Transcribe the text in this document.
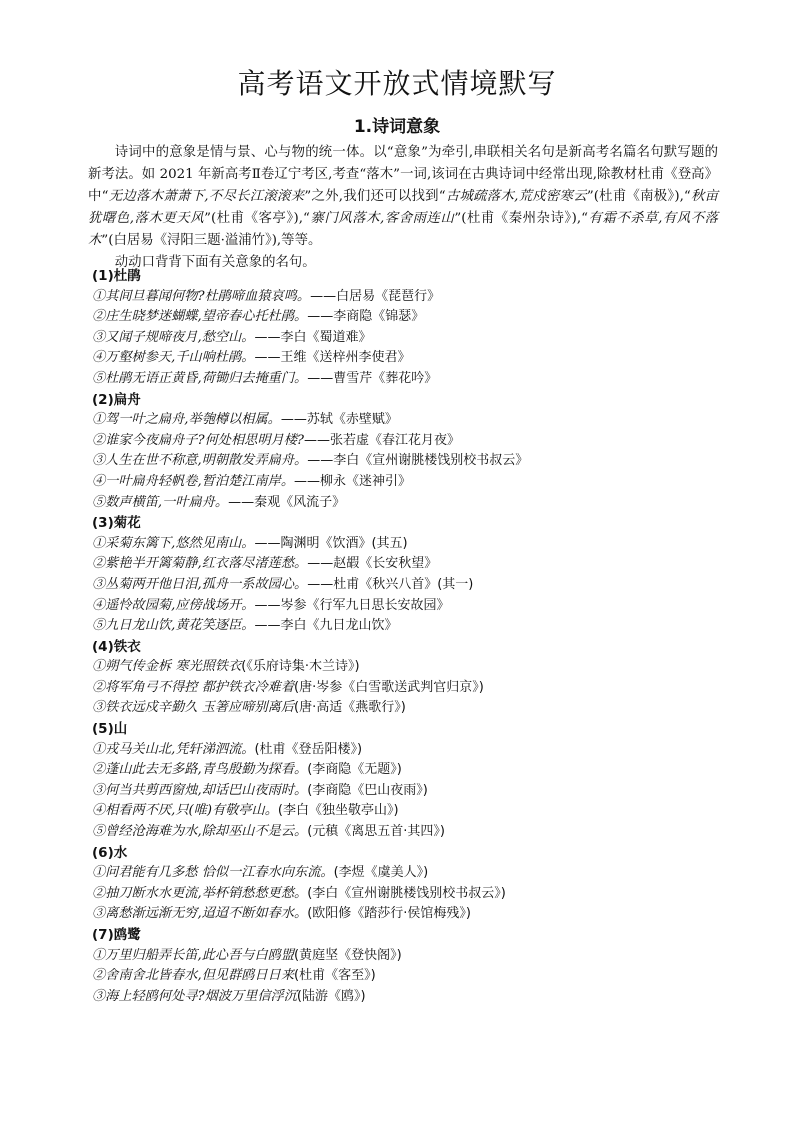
高考语文开放式情境默写
1.诗词意象

诗词中的意象是情与景、心与物的统一体。以“意象”为牵引,串联相关名句是新高考名篇名句默写题的新考法。如 2021 年新高考Ⅱ卷辽宁考区,考查“落木”一词,该词在古典诗词中经常出现,除教材杜甫《登高》中“无边落木萧萧下,不尽长江滚滚来”之外,我们还可以找到“古城疏落木,荒戍密寒云”(杜甫《南极》),“秋亩犹曙色,落木更天风”(杜甫《客亭》),“寨门风落木,客舍雨连山”(杜甫《秦州杂诗》),“有霜不杀草,有风不落木”(白居易《浔阳三题·溢浦竹》),等等。

动动口背背下面有关意象的名句。

(1)杜鹃
①其间旦暮闻何物?杜鹃啼血猿哀鸣。——白居易《琵琶行》
②庄生晓梦迷蝴蝶,望帝春心托杜鹃。——李商隐《锦瑟》
③又闻子规啼夜月,愁空山。——李白《蜀道难》
④万壑树参天,千山响杜鹃。——王维《送梓州李使君》
⑤杜鹃无语正黄昏,荷锄归去掩重门。——曹雪芹《葬花吟》
(2)扁舟
①驾一叶之扁舟,举匏樽以相属。——苏轼《赤壁赋》
②谁家今夜扁舟子?何处相思明月楼?——张若虚《春江花月夜》
③人生在世不称意,明朝散发弄扁舟。——李白《宣州谢朓楼饯别校书叔云》
④一叶扁舟轻帆卷,暂泊楚江南岸。——柳永《迷神引》
⑤数声横笛,一叶扁舟。——秦观《风流子》
(3)菊花
①采菊东篱下,悠然见南山。——陶渊明《饮酒》(其五)
②紫艳半开篱菊静,红衣落尽渚莲愁。——赵嘏《长安秋望》
③丛菊两开他日泪,孤舟一系故园心。——杜甫《秋兴八首》(其一)
④遥怜故园菊,应傍战场开。——岑参《行军九日思长安故园》
⑤九日龙山饮,黄花笑逐臣。——李白《九日龙山饮》
(4)铁衣
①朔气传金柝 寒光照铁衣(《乐府诗集·木兰诗》)
②将军角弓不得控 都护铁衣冷难着(唐·岑参《白雪歌送武判官归京》)
③铁衣远戍辛勤久 玉箸应啼别离后(唐·高适《燕歌行》)
(5)山
①戎马关山北,凭轩涕泗流。(杜甫《登岳阳楼》)
②蓬山此去无多路,青鸟殷勤为探看。(李商隐《无题》)
③何当共剪西窗烛,却话巴山夜雨时。(李商隐《巴山夜雨》)
④相看两不厌,只(唯)有敬亭山。(李白《独坐敬亭山》)
⑤曾经沧海难为水,除却巫山不是云。(元稹《离思五首·其四》)
(6)水
①问君能有几多愁 恰似一江春水向东流。(李煜《虞美人》)
②抽刀断水水更流,举杯销愁愁更愁。(李白《宣州谢朓楼饯别校书叔云》)
③离愁渐远渐无穷,迢迢不断如春水。(欧阳修《踏莎行·侯馆梅残》)
(7)鸥鹭
①万里归船弄长笛,此心吾与白鸥盟(黄庭坚《登快阁》)
②舍南舍北皆春水,但见群鸥日日来(杜甫《客至》)
③海上轻鸥何处寻?烟波万里信浮沉(陆游《鸥》)
